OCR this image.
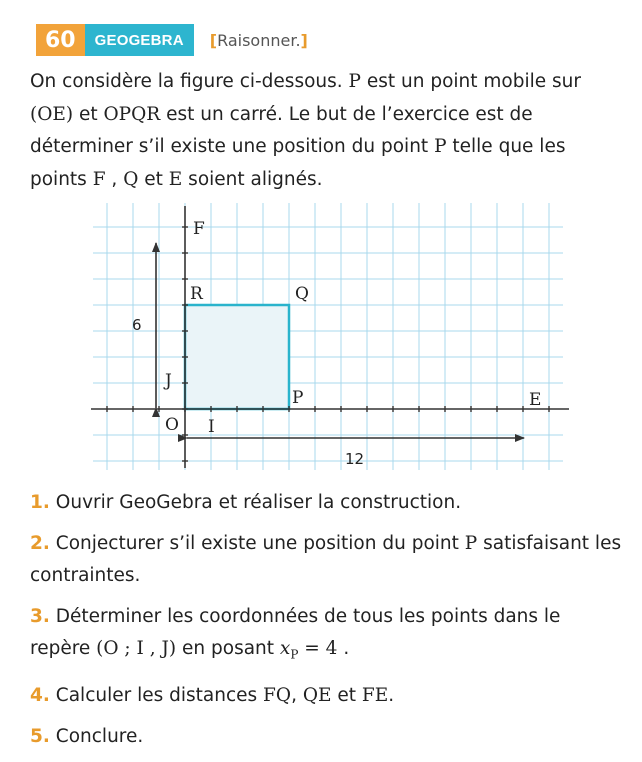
60	GEOGEBRA	[ Raisonner. ]

On considère la figure ci-dessous. P est un point mobile sur (OE) et OPQR est un carré. Le but de l’exercice est de déterminer s’il existe une position du point P telle que les points F , Q et E soient alignés.

F
R	Q
J
P	E
O I
6
12

1. Ouvrir GeoGebra et réaliser la construction.

2. Conjecturer s’il existe une position du point P satisfaisant les contraintes.

3. Déterminer les coordonnées de tous les points dans le repère (O ; I , J) en posant $x_P = 4$ .

4. Calculer les distances FQ, QE et FE.

5. Conclure.
